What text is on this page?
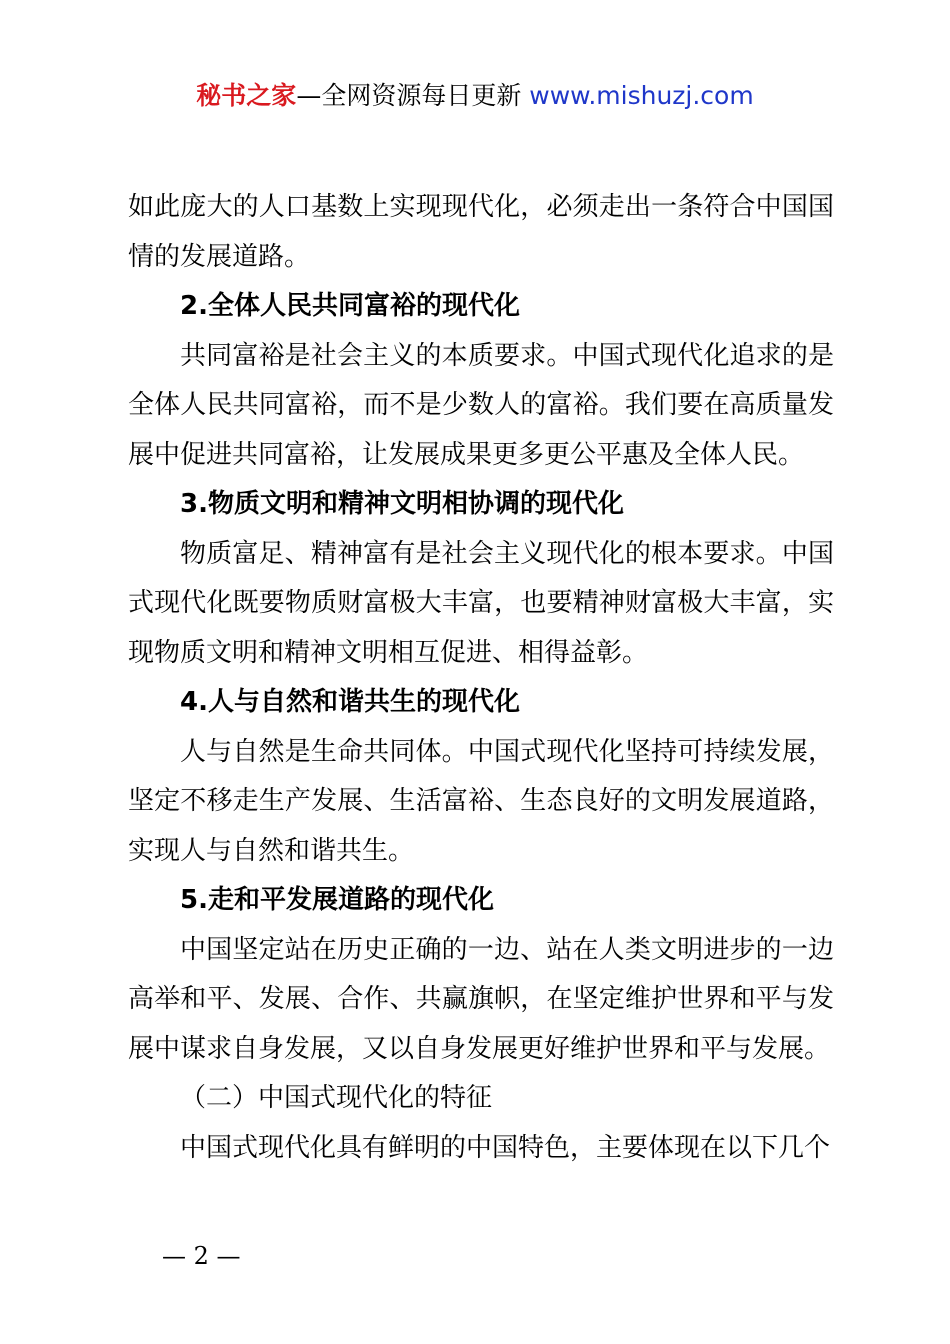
秘书之家—全网资源每日更新 www.mishuzj.com

如此庞大的人口基数上实现现代化，必须走出一条符合中国国情的发展道路。

2.全体人民共同富裕的现代化

共同富裕是社会主义的本质要求。中国式现代化追求的是全体人民共同富裕，而不是少数人的富裕。我们要在高质量发展中促进共同富裕，让发展成果更多更公平惠及全体人民。

3.物质文明和精神文明相协调的现代化

物质富足、精神富有是社会主义现代化的根本要求。中国式现代化既要物质财富极大丰富，也要精神财富极大丰富，实现物质文明和精神文明相互促进、相得益彰。

4.人与自然和谐共生的现代化

人与自然是生命共同体。中国式现代化坚持可持续发展，坚定不移走生产发展、生活富裕、生态良好的文明发展道路，实现人与自然和谐共生。

5.走和平发展道路的现代化

中国坚定站在历史正确的一边、站在人类文明进步的一边高举和平、发展、合作、共赢旗帜，在坚定维护世界和平与发展中谋求自身发展，又以自身发展更好维护世界和平与发展。

（二）中国式现代化的特征

中国式现代化具有鲜明的中国特色，主要体现在以下几个

— 2 —
